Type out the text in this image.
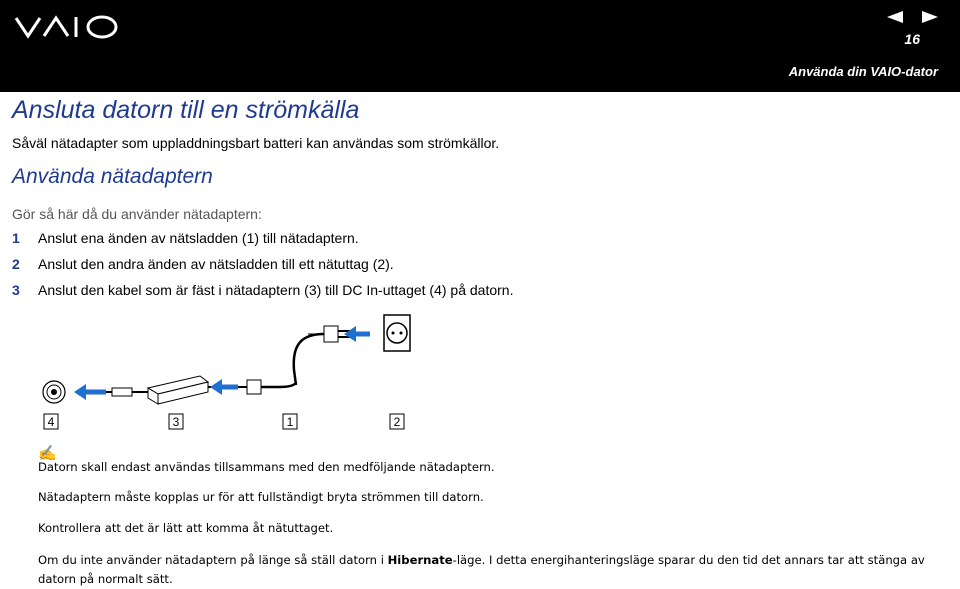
16
Använda din VAIO-dator
Ansluta datorn till en strömkälla
Såväl nätadapter som uppladdningsbart batteri kan användas som strömkällor.
Använda nätadaptern
Gör så här då du använder nätadaptern:
1 Anslut ena änden av nätsladden (1) till nätadaptern.
2 Anslut den andra änden av nätsladden till ett nätuttag (2).
3 Anslut den kabel som är fäst i nätadaptern (3) till DC In-uttaget (4) på datorn.
4	3	1	2
✍
Datorn skall endast användas tillsammans med den medföljande nätadaptern.
Nätadaptern måste kopplas ur för att fullständigt bryta strömmen till datorn.
Kontrollera att det är lätt att komma åt nätuttaget.
Om du inte använder nätadaptern på länge så ställ datorn i Hibernate-läge. I detta energihanteringsläge sparar du den tid det annars tar att stänga av datorn på normalt sätt.
